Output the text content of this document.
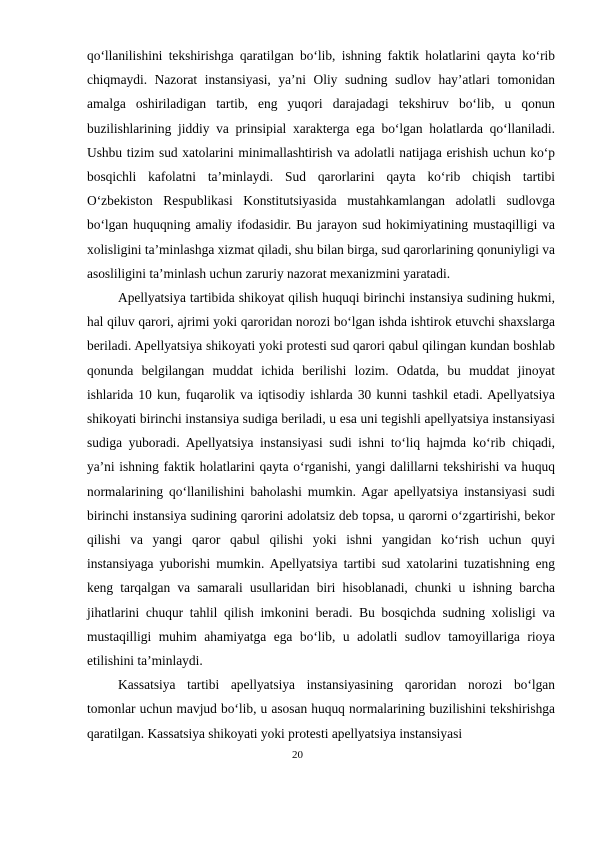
qoʻllanilishini tekshirishga qaratilgan boʻlib, ishning faktik holatlarini qayta koʻrib chiqmaydi. Nazorat instansiyasi, yaʼni Oliy sudning sudlov hayʼatlari tomonidan amalga oshiriladigan tartib, eng yuqori darajadagi tekshiruv boʻlib, u qonun buzilishlarining jiddiy va prinsipial xarakterga ega boʻlgan holatlarda qoʻllaniladi. Ushbu tizim sud xatolarini minimallashtirish va adolatli natijaga erishish uchun koʻp bosqichli kafolatni taʼminlaydi. Sud qarorlarini qayta koʻrib chiqish tartibi Oʻzbekiston Respublikasi Konstitutsiyasida mustahkamlangan adolatli sudlovga boʻlgan huquqning amaliy ifodasidir. Bu jarayon sud hokimiyatining mustaqilligi va xolisligini taʼminlashga xizmat qiladi, shu bilan birga, sud qarorlarining qonuniyligi va asosliligini taʼminlash uchun zaruriy nazorat mexanizmini yaratadi.

Apellyatsiya tartibida shikoyat qilish huquqi birinchi instansiya sudining hukmi, hal qiluv qarori, ajrimi yoki qaroridan norozi boʻlgan ishda ishtirok etuvchi shaxslarga beriladi. Apellyatsiya shikoyati yoki protesti sud qarori qabul qilingan kundan boshlab qonunda belgilangan muddat ichida berilishi lozim. Odatda, bu muddat jinoyat ishlarida 10 kun, fuqarolik va iqtisodiy ishlarda 30 kunni tashkil etadi. Apellyatsiya shikoyati birinchi instansiya sudiga beriladi, u esa uni tegishli apellyatsiya instansiyasi sudiga yuboradi. Apellyatsiya instansiyasi sudi ishni toʻliq hajmda koʻrib chiqadi, yaʼni ishning faktik holatlarini qayta oʻrganishi, yangi dalillarni tekshirishi va huquq normalarining qoʻllanilishini baholashi mumkin. Agar apellyatsiya instansiyasi sudi birinchi instansiya sudining qarorini adolatsiz deb topsa, u qarorni oʻzgartirishi, bekor qilishi va yangi qaror qabul qilishi yoki ishni yangidan koʻrish uchun quyi instansiyaga yuborishi mumkin. Apellyatsiya tartibi sud xatolarini tuzatishning eng keng tarqalgan va samarali usullaridan biri hisoblanadi, chunki u ishning barcha jihatlarini chuqur tahlil qilish imkonini beradi. Bu bosqichda sudning xolisligi va mustaqilligi muhim ahamiyatga ega boʻlib, u adolatli sudlov tamoyillariga rioya etilishini taʼminlaydi.

Kassatsiya tartibi apellyatsiya instansiyasining qaroridan norozi boʻlgan tomonlar uchun mavjud boʻlib, u asosan huquq normalarining buzilishini tekshirishga qaratilgan. Kassatsiya shikoyati yoki protesti apellyatsiya instansiyasi

20
